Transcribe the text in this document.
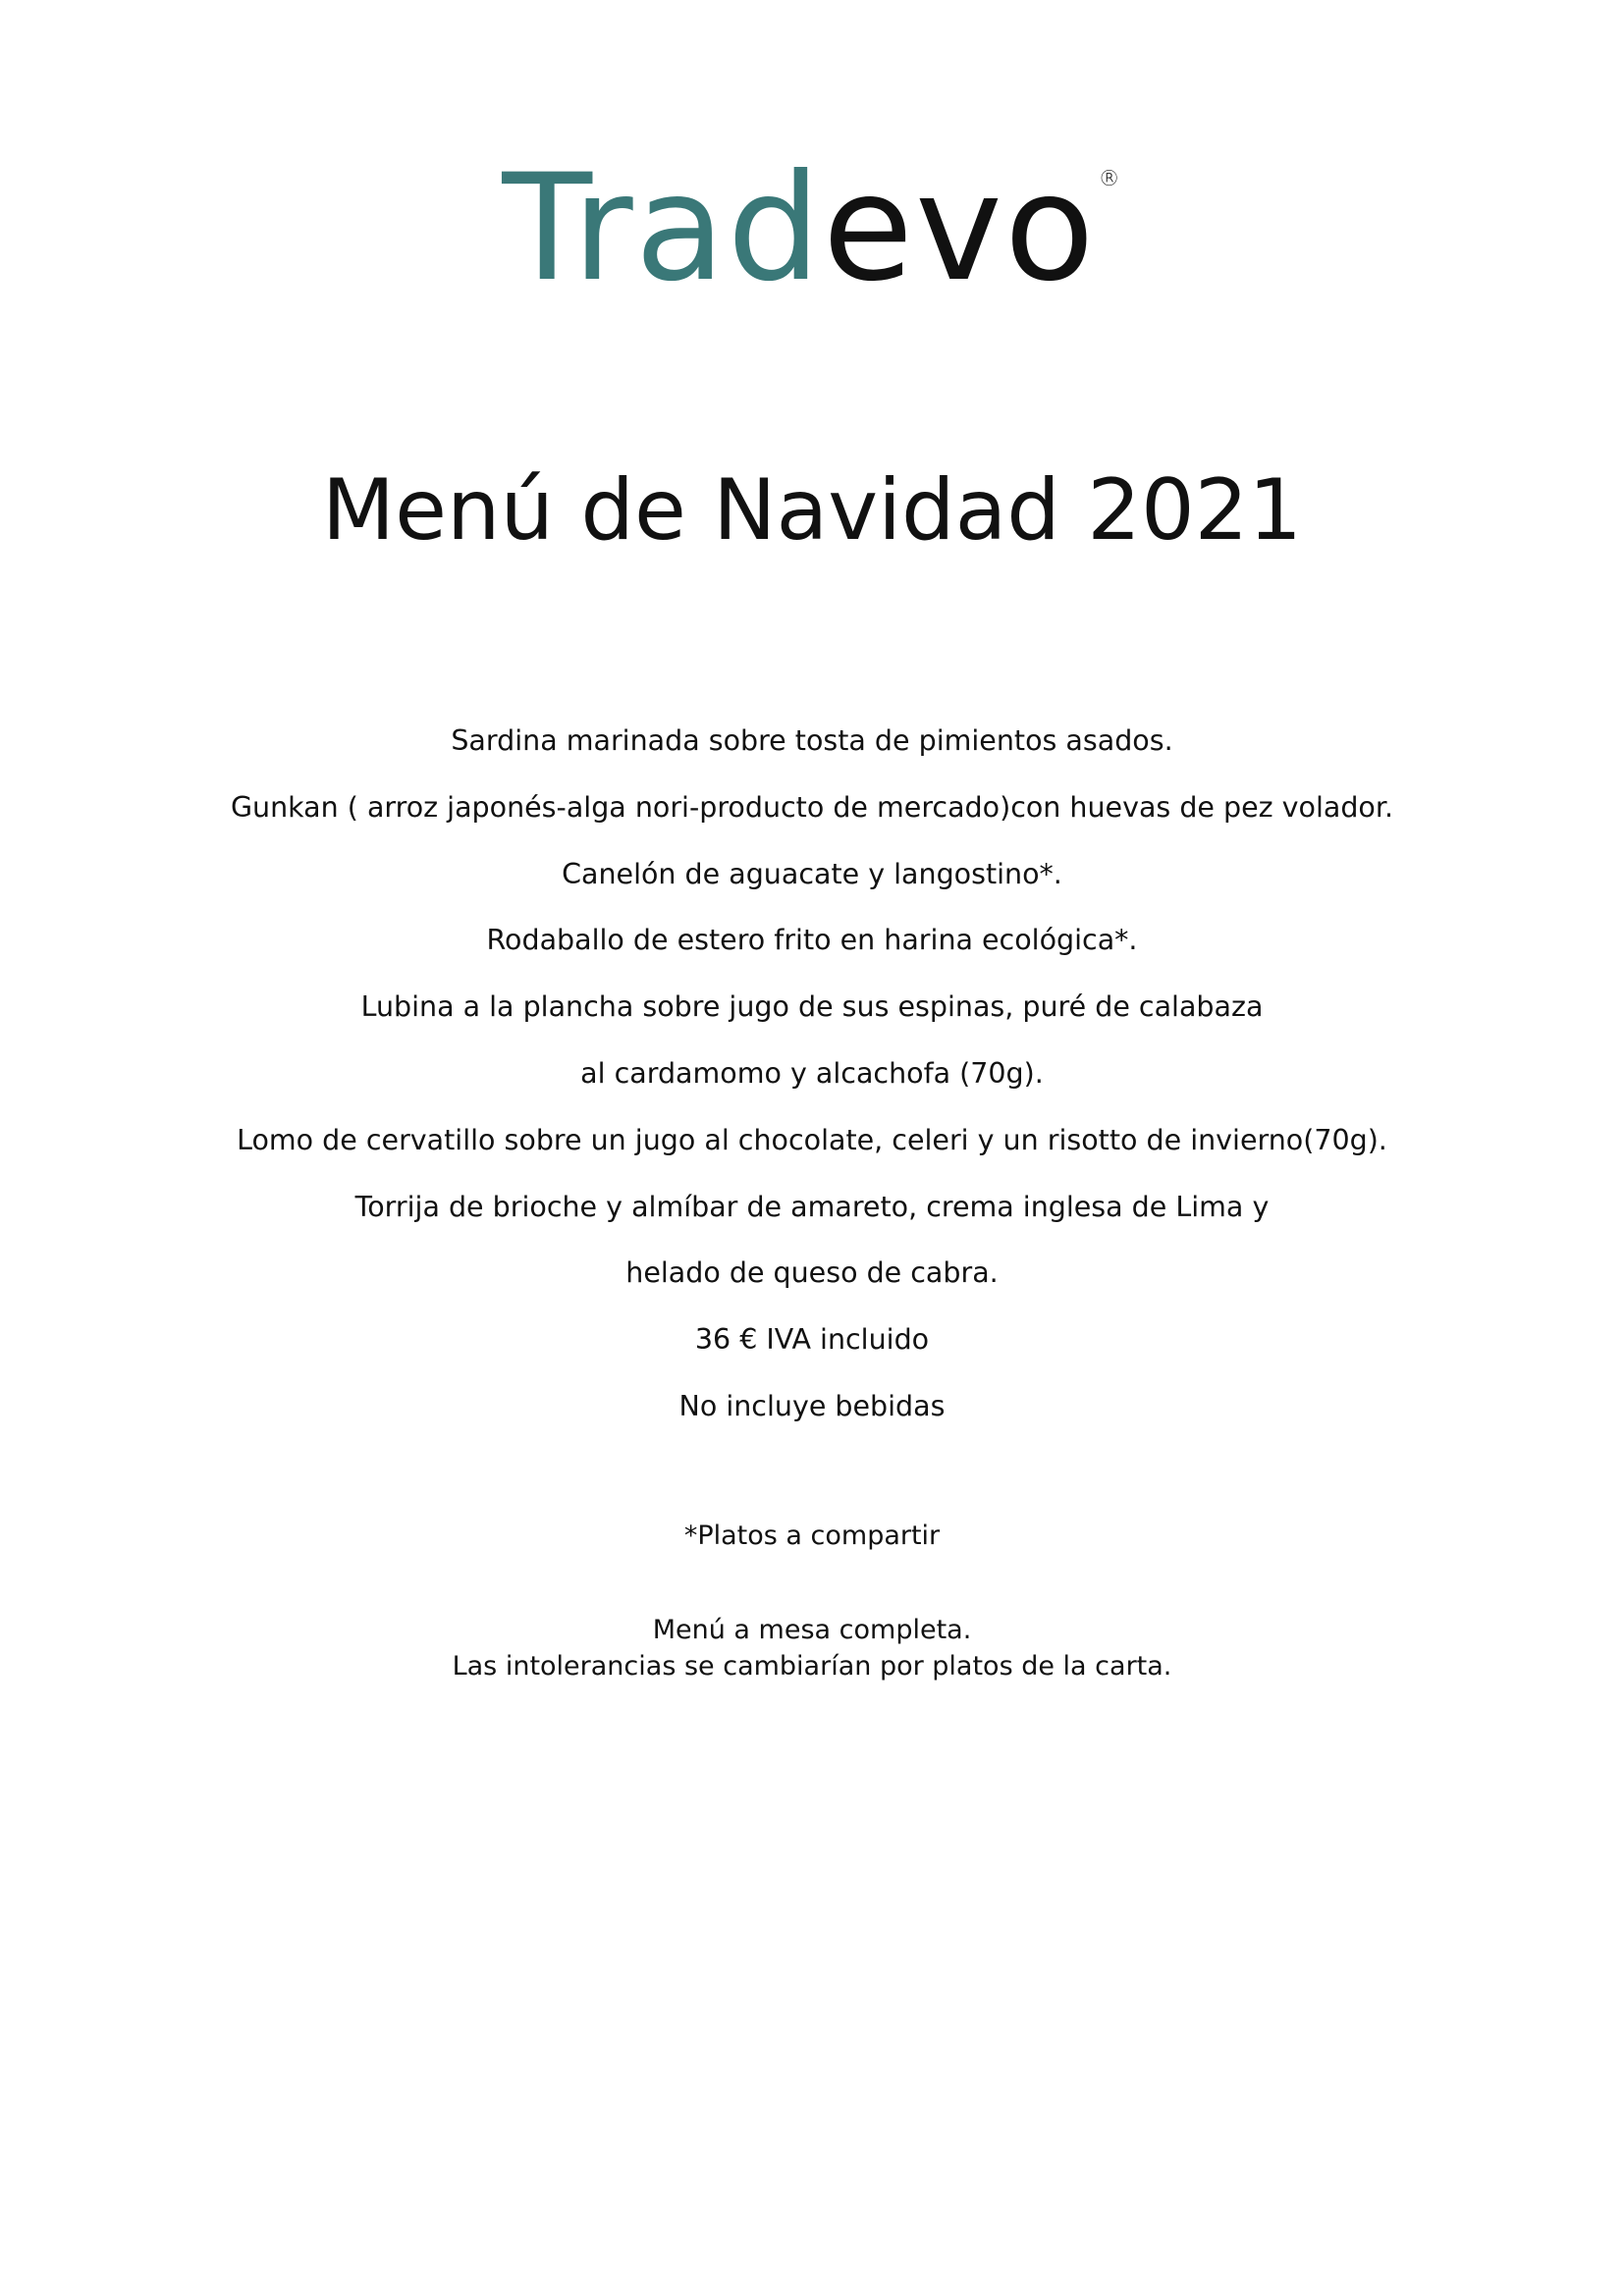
Tradevo®
Menú de Navidad 2021
Sardina marinada sobre tosta de pimientos asados.
Gunkan ( arroz japonés-alga nori-producto de mercado)con huevas de pez volador.
Canelón de aguacate y langostino*.
Rodaballo de estero frito en harina ecológica*.
Lubina a la plancha sobre jugo de sus espinas, puré de calabaza
al cardamomo y alcachofa (70g).
Lomo de cervatillo sobre un jugo al chocolate, celeri y un risotto de invierno(70g).
Torrija de brioche y almíbar de amareto, crema inglesa de Lima y
helado de queso de cabra.
36 € IVA incluido
No incluye bebidas
*Platos a compartir
Menú a mesa completa.
Las intolerancias se cambiarían por platos de la carta.
